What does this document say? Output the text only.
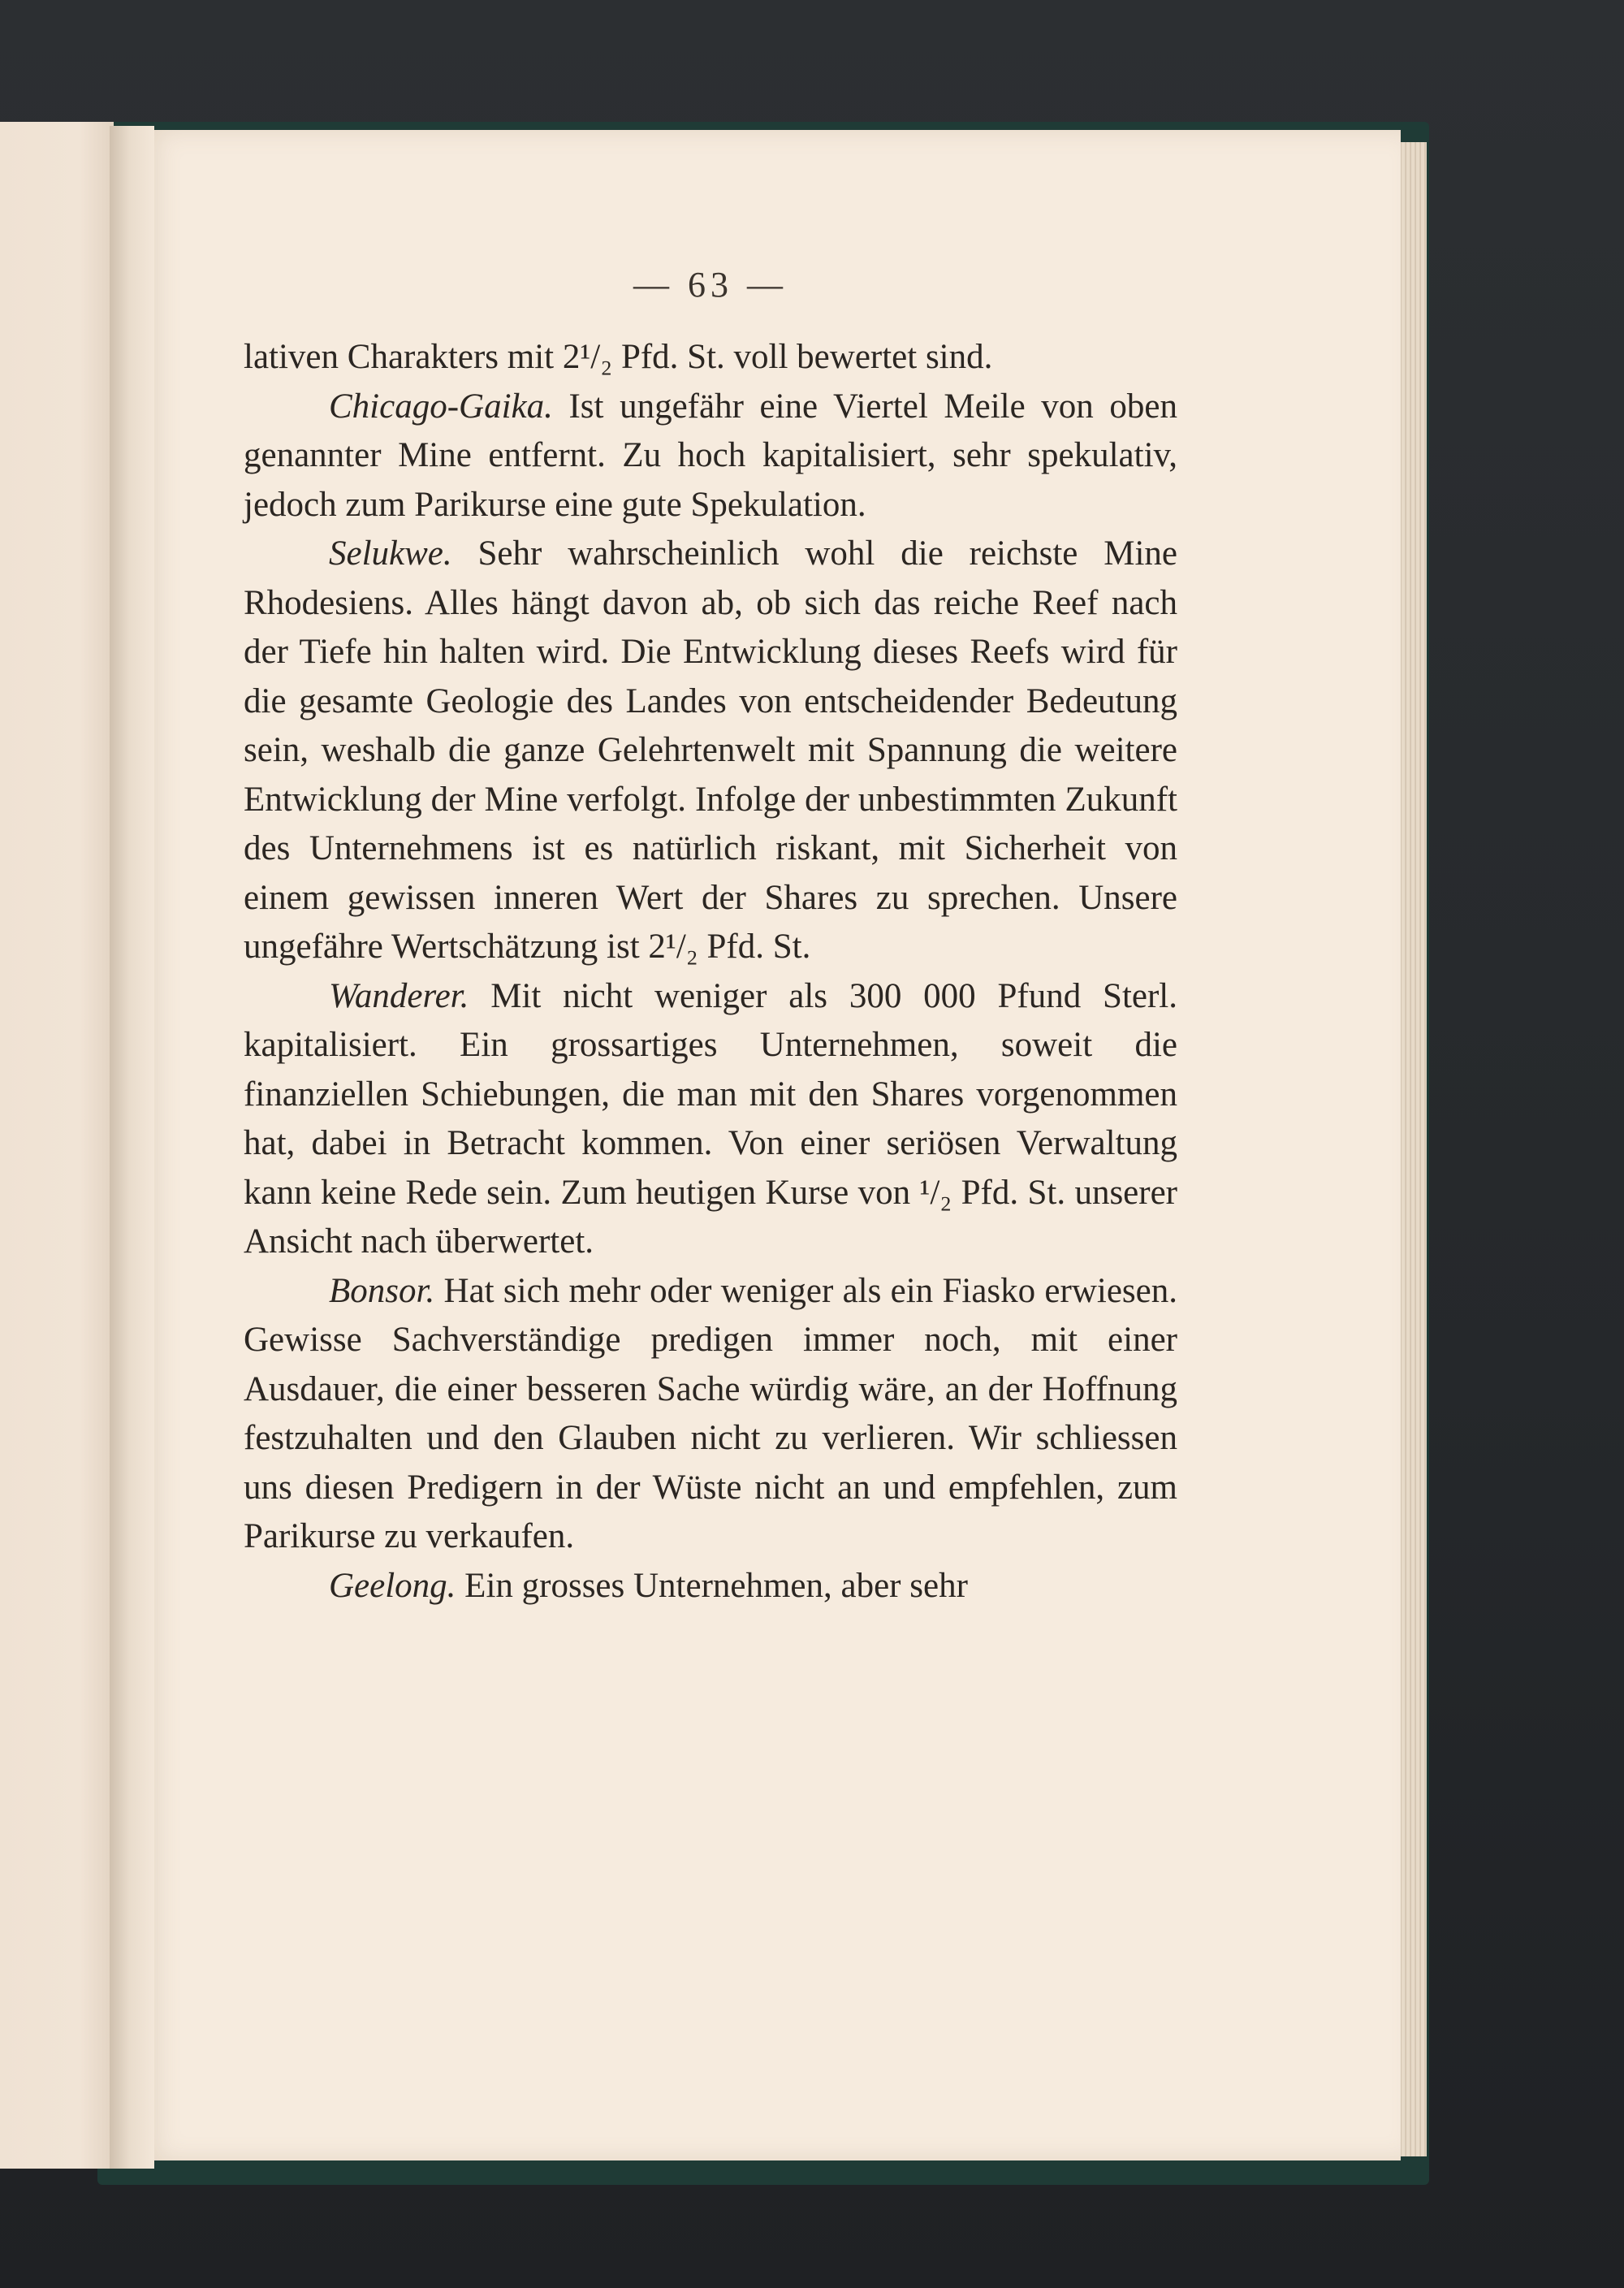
— 63 —

lativen Charakters mit 2¹/₂ Pfd. St. voll bewertet sind.

Chicago-Gaika. Ist ungefähr eine Viertel Meile von oben genannter Mine entfernt. Zu hoch kapitalisiert, sehr spekulativ, jedoch zum Parikurse eine gute Spekulation.

Selukwe. Sehr wahrscheinlich wohl die reichste Mine Rhodesiens. Alles hängt davon ab, ob sich das reiche Reef nach der Tiefe hin halten wird. Die Entwicklung dieses Reefs wird für die gesamte Geologie des Landes von entscheidender Bedeutung sein, weshalb die ganze Gelehrtenwelt mit Spannung die weitere Entwicklung der Mine verfolgt. Infolge der unbestimmten Zukunft des Unternehmens ist es natürlich riskant, mit Sicherheit von einem gewissen inneren Wert der Shares zu sprechen. Unsere ungefähre Wertschätzung ist 2¹/₂ Pfd. St.

Wanderer. Mit nicht weniger als 300 000 Pfund Sterl. kapitalisiert. Ein grossartiges Unternehmen, soweit die finanziellen Schiebungen, die man mit den Shares vorgenommen hat, dabei in Betracht kommen. Von einer seriösen Verwaltung kann keine Rede sein. Zum heutigen Kurse von ¹/₂ Pfd. St. unserer Ansicht nach überwertet.

Bonsor. Hat sich mehr oder weniger als ein Fiasko erwiesen. Gewisse Sachverständige predigen immer noch, mit einer Ausdauer, die einer besseren Sache würdig wäre, an der Hoffnung festzuhalten und den Glauben nicht zu verlieren. Wir schliessen uns diesen Predigern in der Wüste nicht an und empfehlen, zum Parikurse zu verkaufen.

Geelong. Ein grosses Unternehmen, aber sehr
